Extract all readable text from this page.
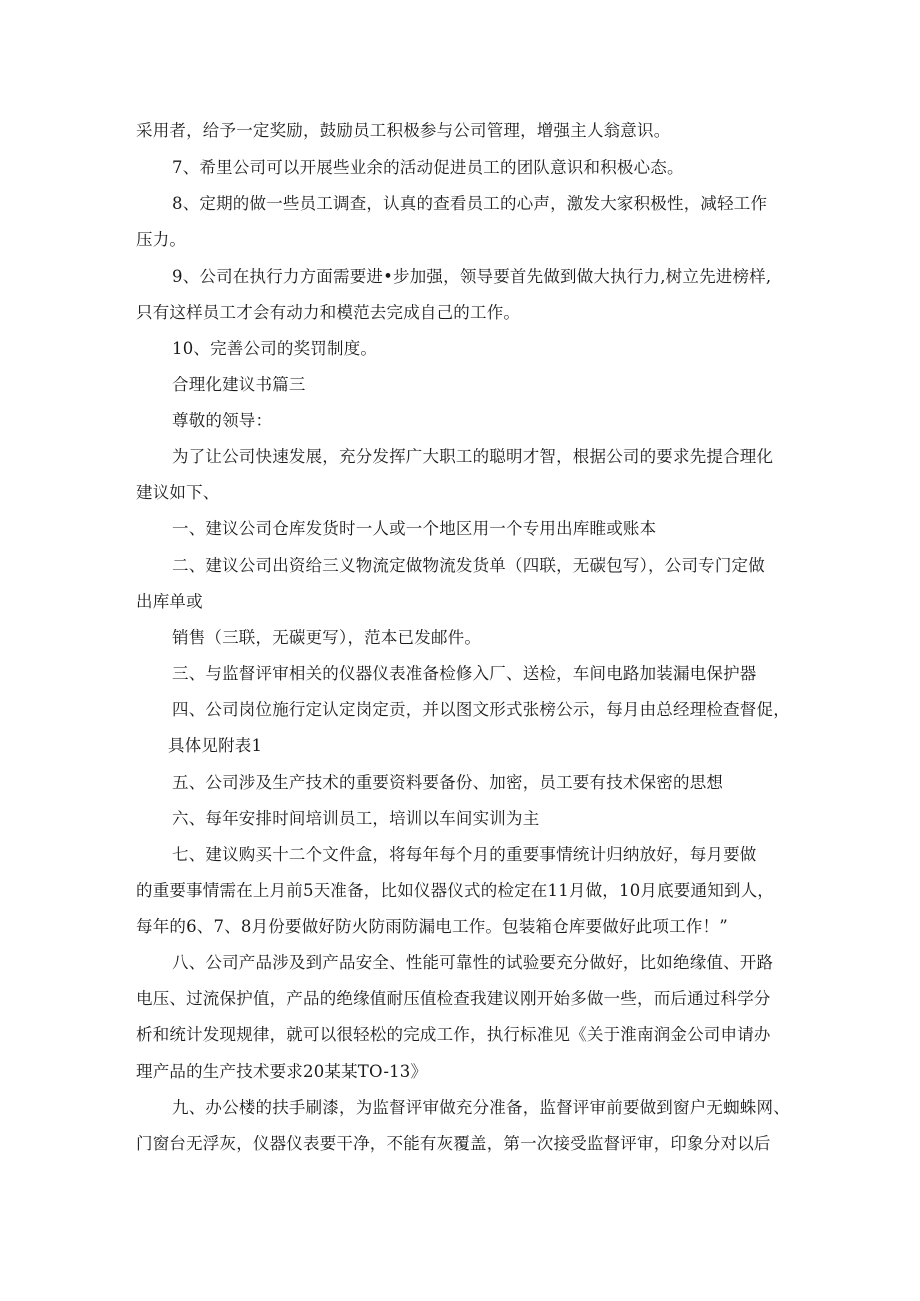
采用者，给予一定奖励，鼓励员工积极参与公司管理，增强主人翁意识。
7、希里公司可以开展些业余的活动促进员工的团队意识和积极心态。
8、定期的做一些员工调查，认真的查看员工的心声，激发大家积极性，减轻工作
压力。
9、公司在执行力方面需要进•步加强，领导要首先做到做大执行力,树立先进榜样,
只有这样员工才会有动力和模范去完成自己的工作。
10、完善公司的奖罚制度。
合理化建议书篇三
尊敬的领导：
为了让公司快速发展，充分发挥广大职工的聪明才智，根据公司的要求先提合理化
建议如下、
一、建议公司仓库发货时一人或一个地区用一个专用出库睢或账本
二、建议公司出资给三义物流定做物流发货单（四联，无碳包写），公司专门定做
出库单或
销售（三联，无碳更写），范本已发邮件。
三、与监督评审相关的仪器仪表准备检修入厂、送检，车间电路加装漏电保护器
四、公司岗位施行定认定岗定贡，并以图文形式张榜公示，每月由总经理检查督促，
具体见附表1
五、公司涉及生产技术的重要资料要备份、加密，员工要有技术保密的思想
六、每年安排时间培训员工，培训以车间实训为主
七、建议购买十二个文件盒，将每年每个月的重要事情统计归纳放好，每月要做
的重要事情需在上月前5天准备，比如仪器仪式的检定在11月做，10月底要通知到人，
每年的6、7、8月份要做好防火防雨防漏电工作。包装箱仓库要做好此项工作！”
八、公司产品涉及到产品安全、性能可靠性的试验要充分做好，比如绝缘值、开路
电压、过流保护值，产品的绝缘值耐压值检查我建议刚开始多做一些，而后通过科学分
析和统计发现规律，就可以很轻松的完成工作，执行标准见《关于淮南润金公司申请办
理产品的生产技术要求20某某TO-13》
九、办公楼的扶手刷漆，为监督评审做充分准备，监督评审前要做到窗户无蜘蛛网、
门窗台无浮灰，仪器仪表要干净，不能有灰覆盖，第一次接受监督评审，印象分对以后
